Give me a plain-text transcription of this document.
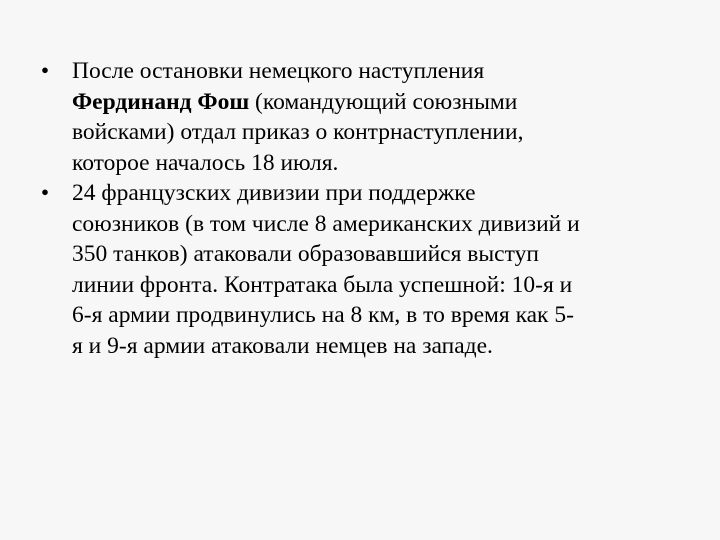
• После остановки немецкого наступления
Фердинанд Фош (командующий союзными
войсками) отдал приказ о контрнаступлении,
которое началось 18 июля.
• 24 французских дивизии при поддержке
союзников (в том числе 8 американских дивизий и
350 танков) атаковали образовавшийся выступ
линии фронта. Контратака была успешной: 10-я и
6-я армии продвинулись на 8 км, в то время как 5-
я и 9-я армии атаковали немцев на западе.
